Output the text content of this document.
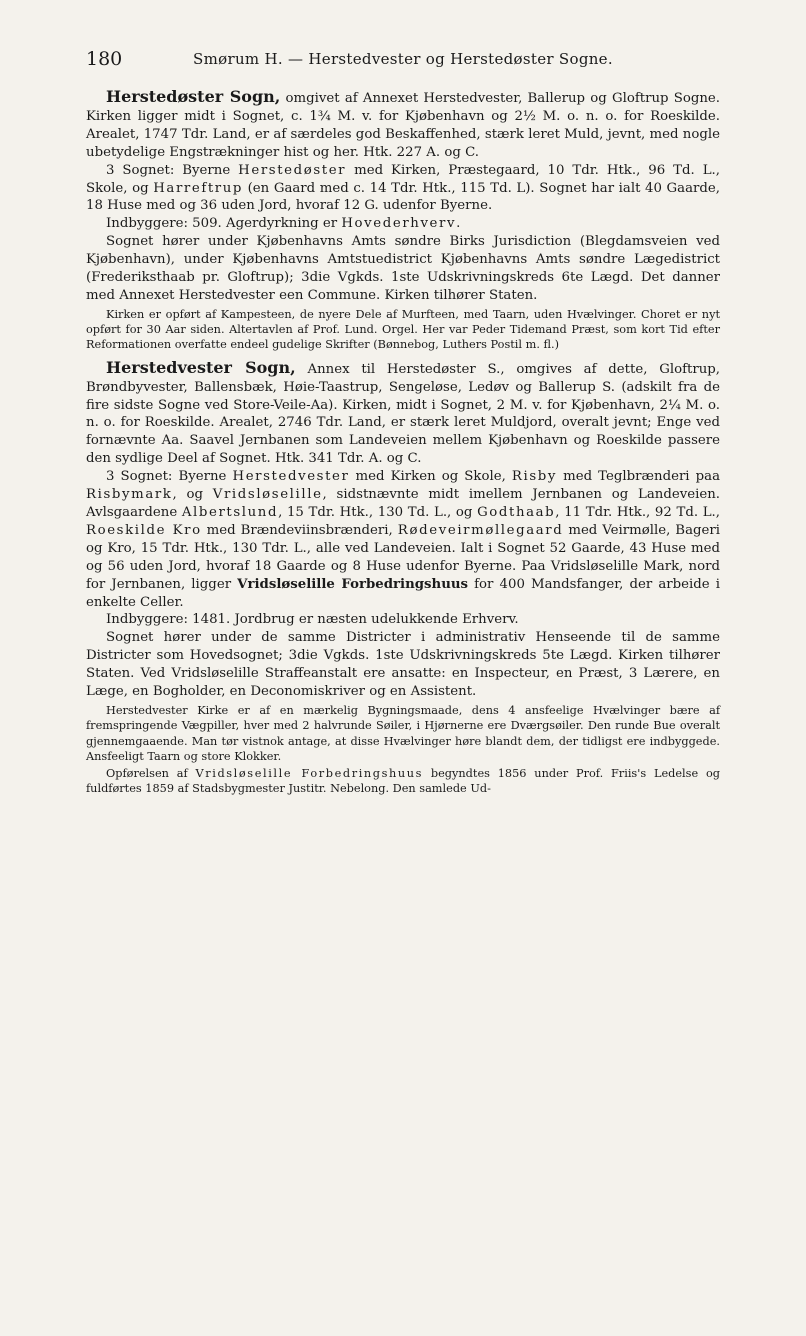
180	Smørum H. — Herstedvester og Herstedøster Sogne.

Herstedøster Sogn, omgivet af Annexet Herstedvester, Ballerup og Gloftrup Sogne. Kirken ligger midt i Sognet, c. 1¾ M. v. for Kjøbenhavn og 2½ M. o. n. o. for Roeskilde. Arealet, 1747 Tdr. Land, er af særdeles god Beskaffenhed, stærk leret Muld, jevnt, med nogle ubetydelige Engstrækninger hist og her. Htk. 227 A. og C.

3 Sognet: Byerne Herstedøster med Kirken, Præstegaard, 10 Tdr. Htk., 96 Td. L., Skole, og Harreftrup (en Gaard med c. 14 Tdr. Htk., 115 Td. L). Sognet har ialt 40 Gaarde, 18 Huse med og 36 uden Jord, hvoraf 12 G. udenfor Byerne.

Indbyggere: 509. Agerdyrkning er Hovederhverv.

Sognet hører under Kjøbenhavns Amts søndre Birks Jurisdiction (Blegdamsveien ved Kjøbenhavn), under Kjøbenhavns Amtstuedistrict Kjøbenhavns Amts søndre Lægedistrict (Frederiksthaab pr. Gloftrup); 3die Vgkds. 1ste Udskrivningskreds 6te Lægd. Det danner med Annexet Herstedvester een Commune. Kirken tilhører Staten.

Kirken er opført af Kampesteen, de nyere Dele af Murfteen, med Taarn, uden Hvælvinger. Choret er nyt opført for 30 Aar siden. Altertavlen af Prof. Lund. Orgel. Her var Peder Tidemand Præst, som kort Tid efter Reformationen overfatte endeel gudelige Skrifter (Bønnebog, Luthers Postil m. fl.)

Herstedvester Sogn, Annex til Herstedøster S., omgives af dette, Gloftrup, Brøndbyvester, Ballensbæk, Høie-Taastrup, Sengeløse, Ledøv og Ballerup S. (adskilt fra de fire sidste Sogne ved Store-Veile-Aa). Kirken, midt i Sognet, 2 M. v. for Kjøbenhavn, 2¼ M. o. n. o. for Roeskilde. Arealet, 2746 Tdr. Land, er stærk leret Muldjord, overalt jevnt; Enge ved fornævnte Aa. Saavel Jernbanen som Landeveien mellem Kjøbenhavn og Roeskilde passere den sydlige Deel af Sognet. Htk. 341 Tdr. A. og C.

3 Sognet: Byerne Herstedvester med Kirken og Skole, Risby med Teglbrænderi paa Risbymark, og Vridsløselille, sidstnævnte midt imellem Jernbanen og Landeveien. Avlsgaardene Albertslund, 15 Tdr. Htk., 130 Td. L., og Godthaab, 11 Tdr. Htk., 92 Td. L., Roeskilde Kro med Brændeviinsbrænderi, Rødeveirmøllegaard med Veirmølle, Bageri og Kro, 15 Tdr. Htk., 130 Tdr. L., alle ved Landeveien. Ialt i Sognet 52 Gaarde, 43 Huse med og 56 uden Jord, hvoraf 18 Gaarde og 8 Huse udenfor Byerne. Paa Vridsløselille Mark, nord for Jernbanen, ligger Vridsløselille Forbedringshuus for 400 Mandsfanger, der arbeide i enkelte Celler.

Indbyggere: 1481. Jordbrug er næsten udelukkende Erhverv.

Sognet hører under de samme Districter i administrativ Henseende til de samme Districter som Hovedsognet; 3die Vgkds. 1ste Udskrivningskreds 5te Lægd. Kirken tilhører Staten. Ved Vridsløselille Straffeanstalt ere ansatte: en Inspecteur, en Præst, 3 Lærere, en Læge, en Bogholder, en Deconomiskriver og en Assistent.

Herstedvester Kirke er af en mærkelig Bygningsmaade, dens 4 ansfeelige Hvælvinger bære af fremspringende Vægpiller, hver med 2 halvrunde Søiler, i Hjørnerne ere Dværgsøiler. Den runde Bue overalt gjennemgaaende. Man tør vistnok antage, at disse Hvælvinger høre blandt dem, der tidligst ere indbyggede. Ansfeeligt Taarn og store Klokker.

Opførelsen af Vridsløselille Forbedringshuus begyndtes 1856 under Prof. Friis's Ledelse og fuldførtes 1859 af Stadsbygmester Justitr. Nebelong. Den samlede Ud-
